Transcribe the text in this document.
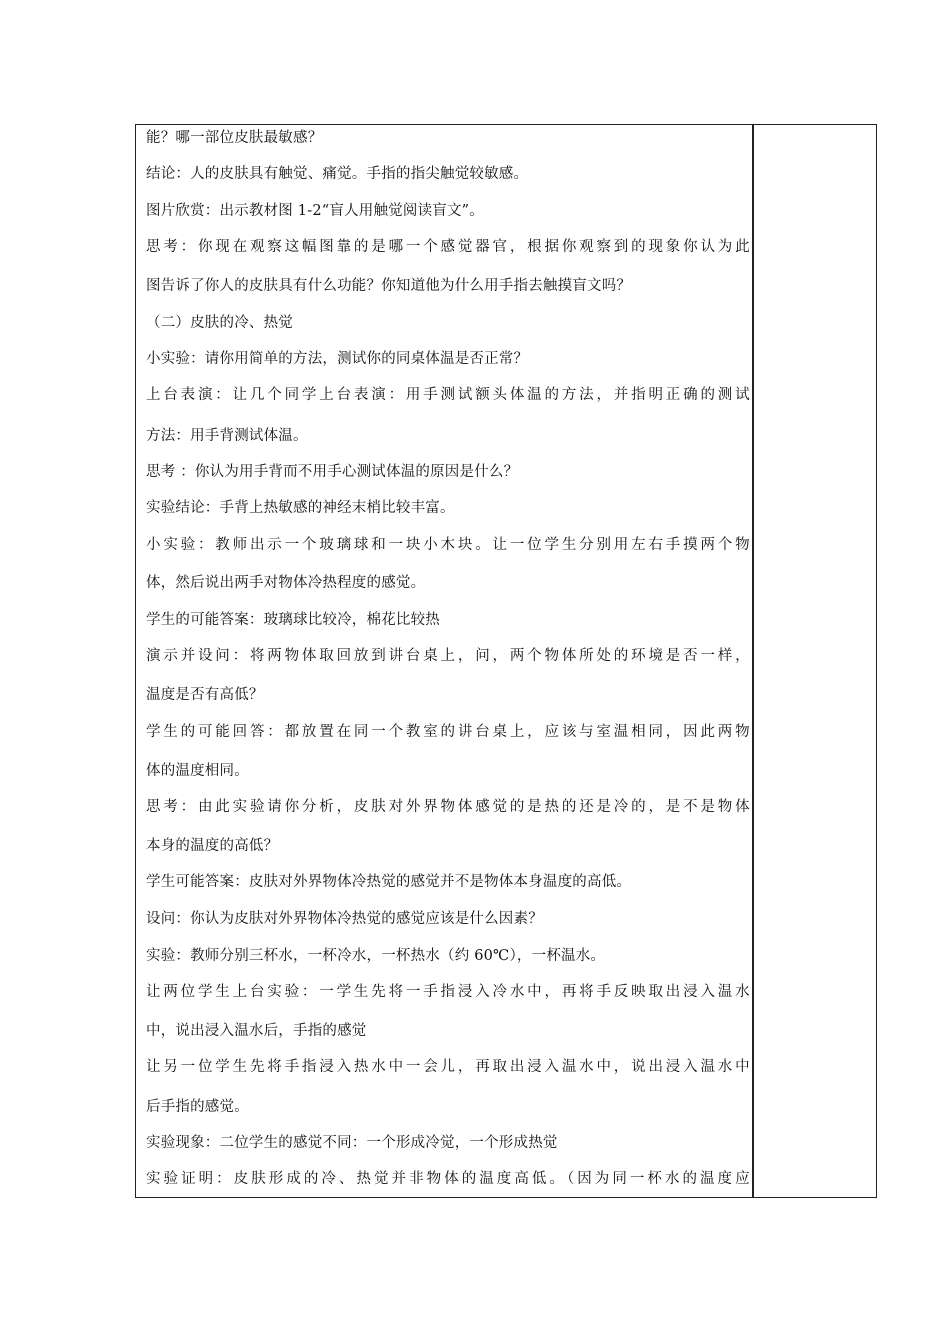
能？哪一部位皮肤最敏感？
结论：人的皮肤具有触觉、痛觉。手指的指尖触觉较敏感。
图片欣赏：出示教材图 1-2“盲人用触觉阅读盲文”。
思考：你现在观察这幅图靠的是哪一个感觉器官，根据你观察到的现象你认为此
图告诉了你人的皮肤具有什么功能？你知道他为什么用手指去触摸盲文吗？
（二）皮肤的冷、热觉
小实验：请你用简单的方法，测试你的同桌体温是否正常？
上台表演：让几个同学上台表演：用手测试额头体温的方法，并指明正确的测试
方法：用手背测试体温。
思考 ：你认为用手背而不用手心测试体温的原因是什么？
实验结论：手背上热敏感的神经末梢比较丰富。
小实验：教师出示一个玻璃球和一块小木块。让一位学生分别用左右手摸两个物
体，然后说出两手对物体冷热程度的感觉。
学生的可能答案：玻璃球比较冷，棉花比较热
演示并设问：将两物体取回放到讲台桌上，问，两个物体所处的环境是否一样，
温度是否有高低？
学生的可能回答：都放置在同一个教室的讲台桌上，应该与室温相同，因此两物
体的温度相同。
思考：由此实验请你分析，皮肤对外界物体感觉的是热的还是冷的，是不是物体
本身的温度的高低？
学生可能答案：皮肤对外界物体冷热觉的感觉并不是物体本身温度的高低。
设问：你认为皮肤对外界物体冷热觉的感觉应该是什么因素？
实验：教师分别三杯水，一杯冷水，一杯热水（约 60℃），一杯温水。
让两位学生上台实验：一学生先将一手指浸入冷水中，再将手反映取出浸入温水
中，说出浸入温水后，手指的感觉
让另一位学生先将手指浸入热水中一会儿，再取出浸入温水中，说出浸入温水中
后手指的感觉。
实验现象：二位学生的感觉不同：一个形成冷觉，一个形成热觉
实验证明：皮肤形成的冷、热觉并非物体的温度高低。（因为同一杯水的温度应
